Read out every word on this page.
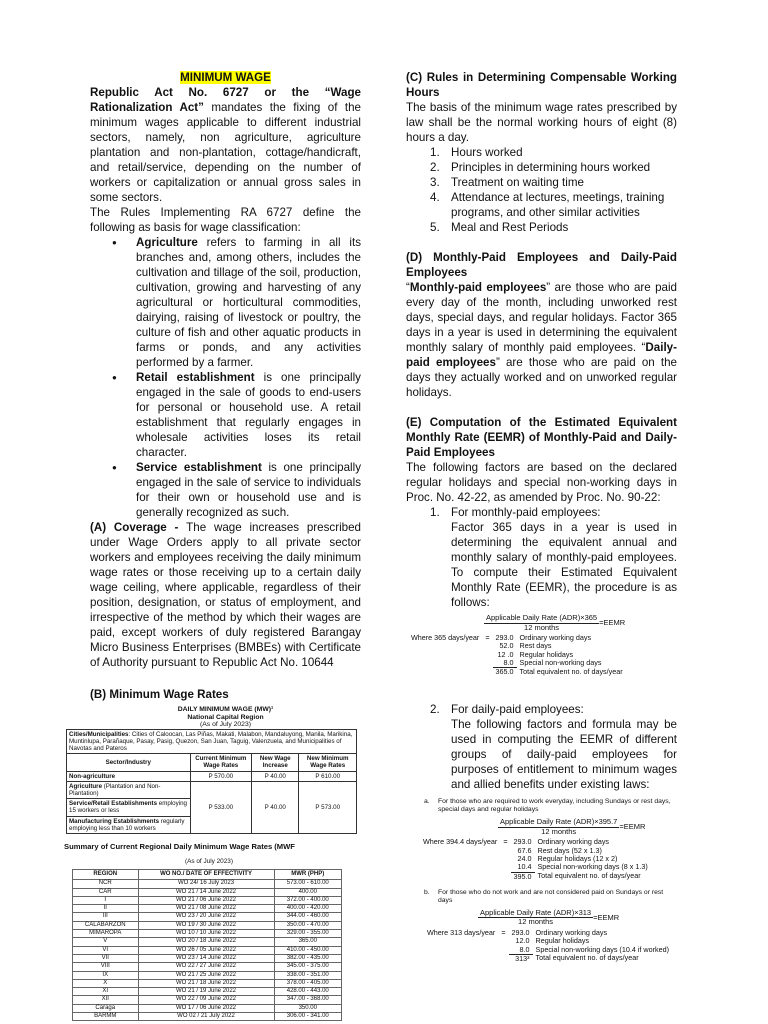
MINIMUM WAGE

Republic Act No. 6727 or the “Wage Rationalization Act” mandates the fixing of the minimum wages applicable to different industrial sectors, namely, non agriculture, agriculture plantation and non-plantation, cottage/handicraft, and retail/service, depending on the number of workers or capitalization or annual gross sales in some sectors.

The Rules Implementing RA 6727 define the following as basis for wage classification:

● Agriculture refers to farming in all its branches and, among others, includes the cultivation and tillage of the soil, production, cultivation, growing and harvesting of any agricultural or horticultural commodities, dairying, raising of livestock or poultry, the culture of fish and other aquatic products in farms or ponds, and any activities performed by a farmer.
● Retail establishment is one principally engaged in the sale of goods to end-users for personal or household use. A retail establishment that regularly engages in wholesale activities loses its retail character.
● Service establishment is one principally engaged in the sale of service to individuals for their own or household use and is generally recognized as such.

(A) Coverage - The wage increases prescribed under Wage Orders apply to all private sector workers and employees receiving the daily minimum wage rates or those receiving up to a certain daily wage ceiling, where applicable, regardless of their position, designation, or status of employment, and irrespective of the method by which their wages are paid, except workers of duly registered Barangay Micro Business Enterprises (BMBEs) with Certificate of Authority pursuant to Republic Act No. 10644

(B) Minimum Wage Rates

DAILY MINIMUM WAGE (MW)¹
National Capital Region
(As of July 2023)
Cities/Municipalities: Cities of Caloocan, Las Piñas, Makati, Malabon, Mandaluyong, Manila, Marikina, Muntinlupa, Parañaque, Pasay, Pasig, Quezon, San Juan, Taguig, Valenzuela, and Municipalities of Navotas and Pateros			
Sector/Industry	Current Minimum Wage Rates	New Wage Increase	New Minimum Wage Rates
Non-agriculture	P 570.00	P 40.00	P 610.00
Agriculture (Plantation and Non-Plantation)	P 533.00	P 40.00	P 573.00
Service/Retail Establishments employing 15 workers or less			
Manufacturing Establishments regularly employing less than 10 workers			
Summary of Current Regional Daily Minimum Wage Rates (MWF
(As of July 2023)
REGION	WO NO./ DATE OF EFFECTIVITY	MWR (PHP)
NCR	WO 24/ 16 July 2023	573.00 - 610.00
CAR	WO 21 / 14 June 2022	400.00
I	WO 21 / 06 June 2022	372.00 - 400.00
II	WO 21 / 08 June 2022	400.00 - 420.00
III	WO 23 / 20 June 2022	344.00 - 460.00
CALABARZON	WO 19 / 30 June 2022	350.00 - 470.00
MIMAROPA	WO 10 / 10 June 2022	329.00 - 355.00
V	WO 20 / 18 June 2022	365.00
VI	WO 26 / 05 June 2022	410.00 - 450.00
VII	WO 23 / 14 June 2022	382.00 - 435.00
VIII	WO 22 / 27 June 2022	345.00 - 375.00
IX	WO 21 / 25 June 2022	338.00 - 351.00
X	WO 21 / 18 June 2022	378.00 - 405.00
XI	WO 21 / 19 June 2022	428.00 - 443.00
XII	WO 22 / 09 June 2022	347.00 - 368.00
Caraga	WO 17 / 06 June 2022	350.00
BARMM	WO 02 / 21 July 2022	306.00 - 341.00

(C) Rules in Determining Compensable Working Hours

The basis of the minimum wage rates prescribed by law shall be the normal working hours of eight (8) hours a day.

1. Hours worked
2. Principles in determining hours worked
3. Treatment on waiting time
4. Attendance at lectures, meetings, training programs, and other similar activities
5. Meal and Rest Periods

(D) Monthly-Paid Employees and Daily-Paid Employees

“Monthly-paid employees” are those who are paid every day of the month, including unworked rest days, special days, and regular holidays. Factor 365 days in a year is used in determining the equivalent monthly salary of monthly paid employees. “Daily-paid employees” are those who are paid on the days they actually worked and on unworked regular holidays.

(E) Computation of the Estimated Equivalent Monthly Rate (EEMR) of Monthly-Paid and Daily-Paid Employees

The following factors are based on the declared regular holidays and special non-working days in Proc. No. 42-22, as amended by Proc. No. 90-22:

1. For monthly-paid employees:

Factor 365 days in a year is used in determining the equivalent annual and monthly salary of monthly-paid employees. To compute their Estimated Equivalent Monthly Rate (EEMR), the procedure is as follows:

$\frac{\text{Applicable Daily Rate (ADR)×365}}{\text{12 months}}$ =EEMR
Where 365 days/year	=	293.0	Ordinary working days
		52.0	Rest days
		12 .0	Regular holidays
		8.0	Special non-working days
		365.0	Total equivalent no. of days/year
2. For daily-paid employees:

The following factors and formula may be used in computing the EEMR of different groups of daily-paid employees for purposes of entitlement to minimum wages and allied benefits under existing laws:

a. For those who are required to work everyday, including Sundays or rest days, special days and regular holidays
$\frac{\text{Applicable Daily Rate (ADR)×395.7}}{\text{12 months}}$ =EEMR
Where 394.4 days/year	=	293.0	Ordinary working days
		67.6	Rest days (52 x 1.3)
		24.0	Regular holidays (12 x 2)
		10.4	Special non-working days (8 x 1.3)
		395.0	Total equivalent no. of days/year
b. For those who do not work and are not considered paid on Sundays or rest days
$\frac{\text{Applicable Daily Rate (ADR)×313}}{\text{12 months}}$ =EEMR
Where 313 days/year	=	293.0	Ordinary working days
		12.0	Regular holidays
		8.0	Special non-working days (10.4 if worked)
		313³	Total equivalent no. of days/year
